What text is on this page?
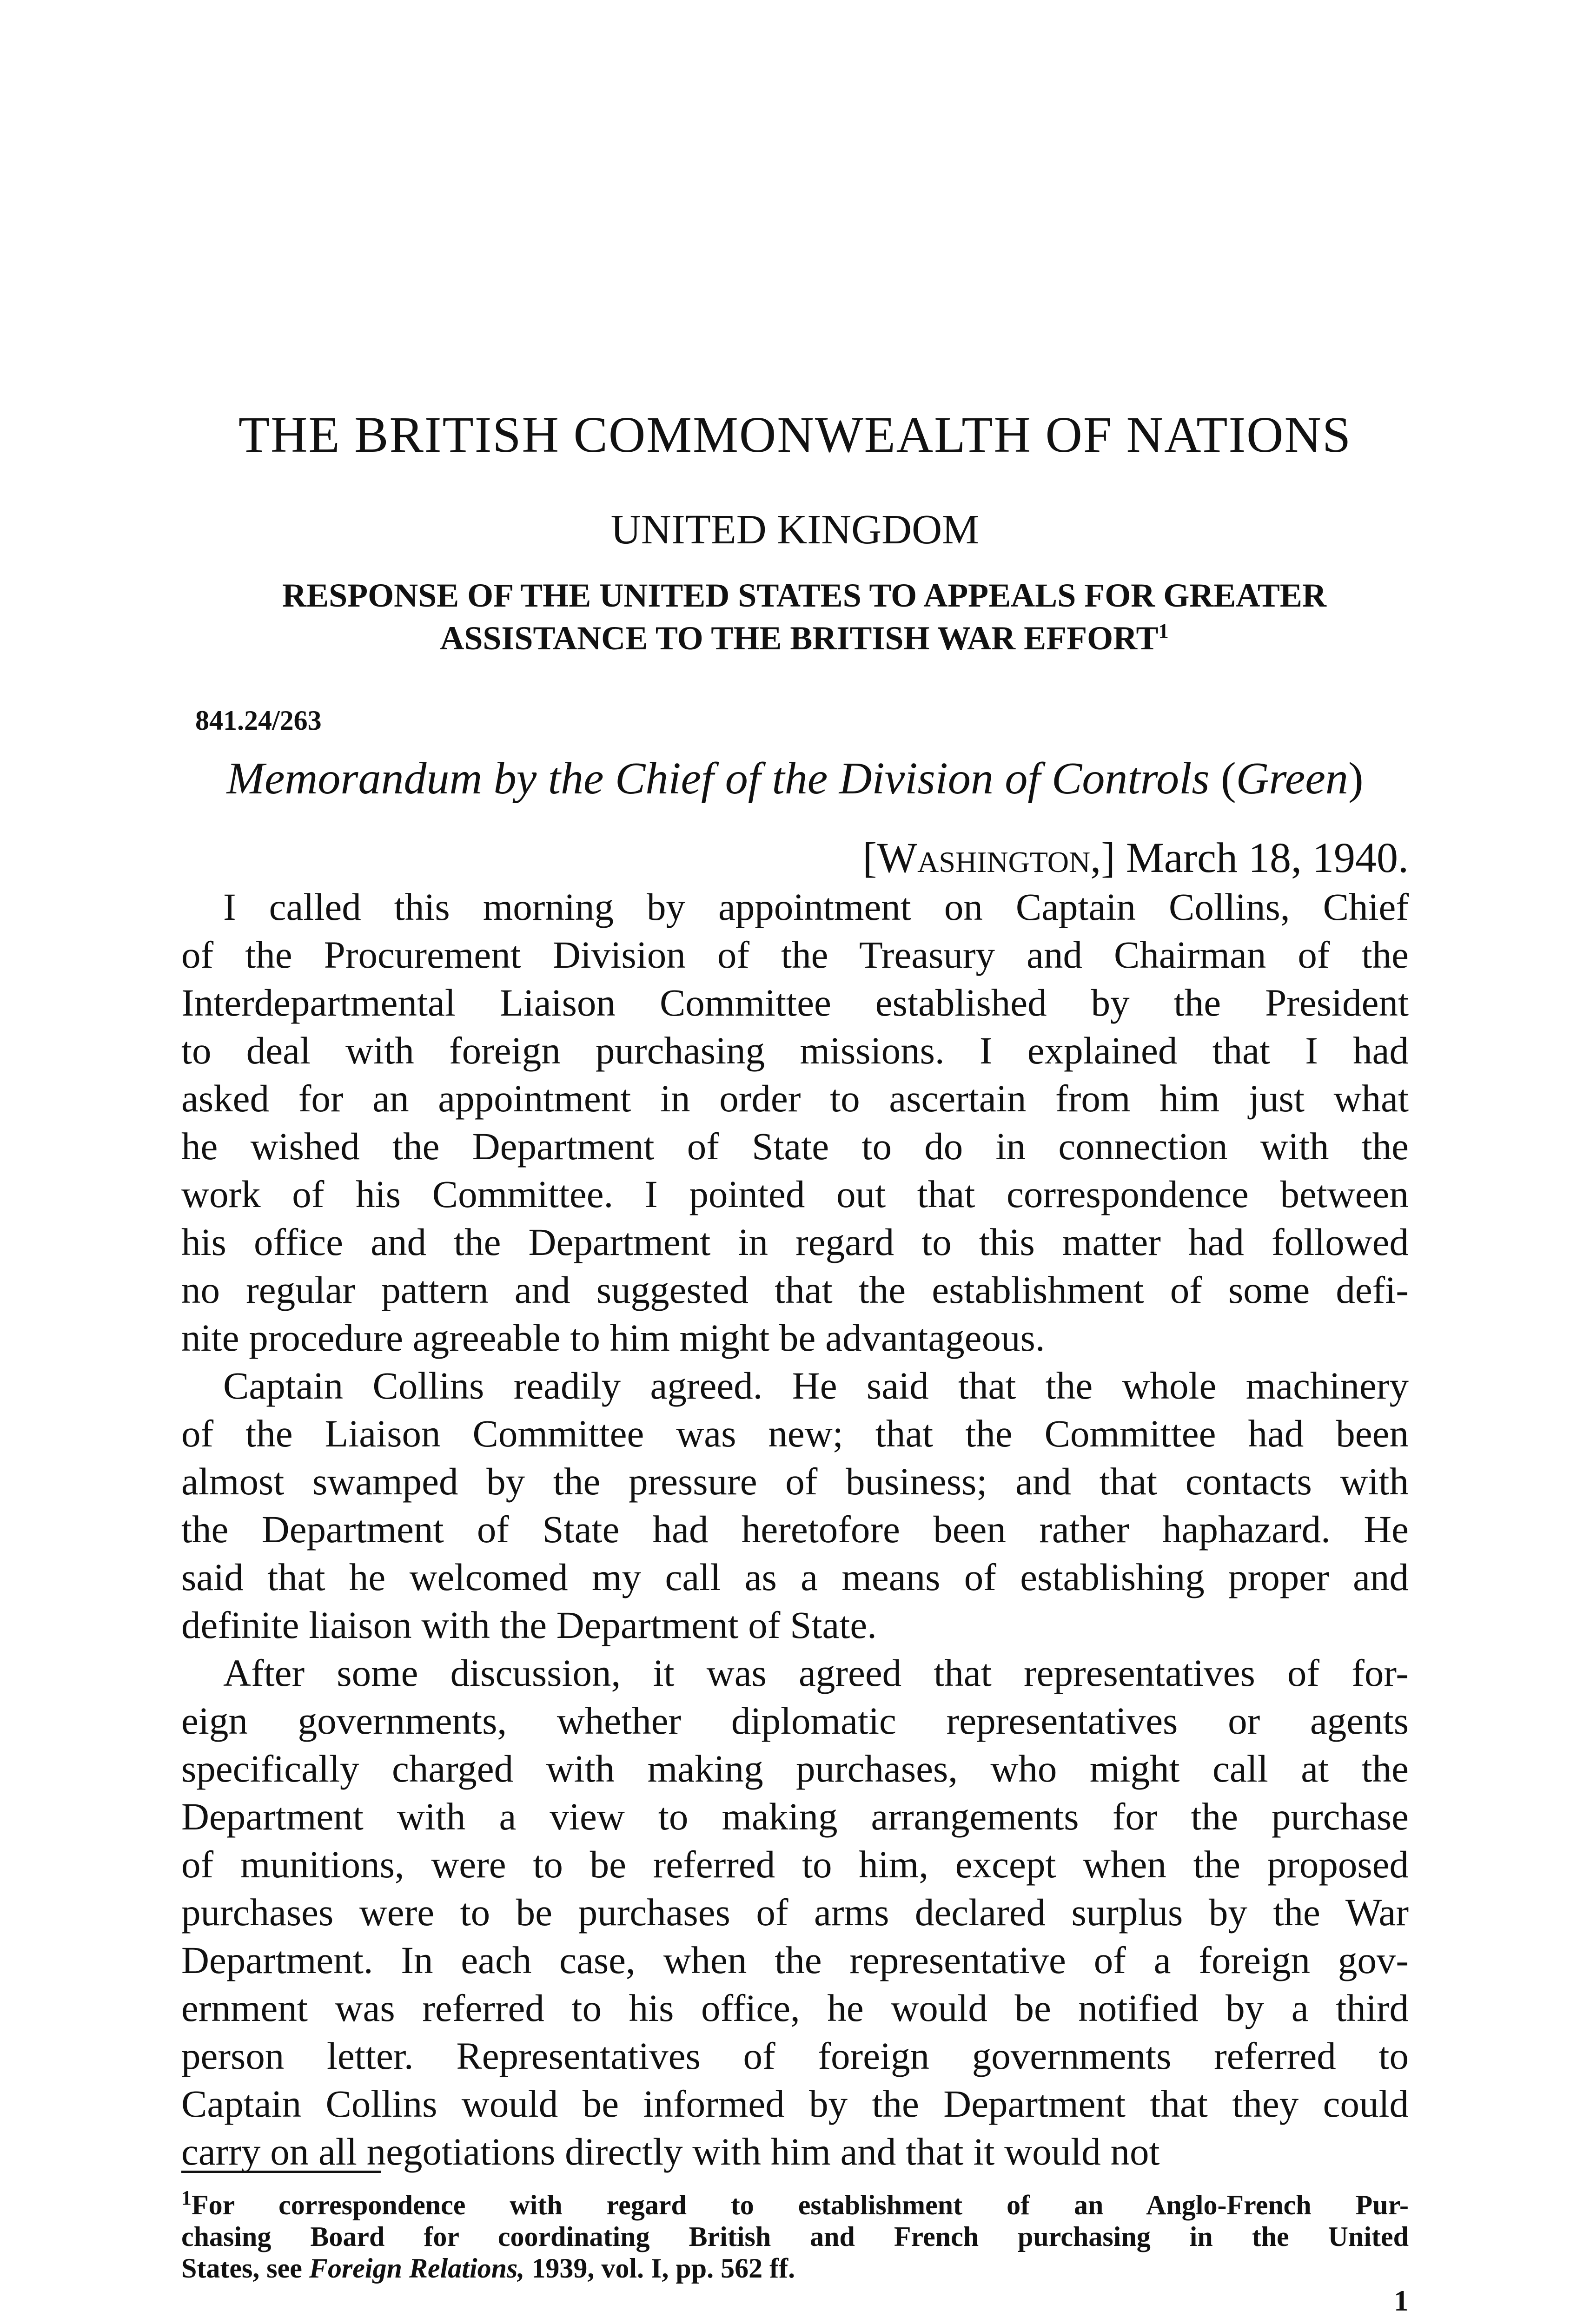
THE BRITISH COMMONWEALTH OF NATIONS
UNITED KINGDOM
RESPONSE OF THE UNITED STATES TO APPEALS FOR GREATER
ASSISTANCE TO THE BRITISH WAR EFFORT$^1$
841.24/263
Memorandum by the Chief of the Division of Controls (Green)
[Washington,] March 18, 1940.
I called this morning by appointment on Captain Collins, Chief
of the Procurement Division of the Treasury and Chairman of the
Interdepartmental Liaison Committee established by the President
to deal with foreign purchasing missions. I explained that I had
asked for an appointment in order to ascertain from him just what
he wished the Department of State to do in connection with the
work of his Committee. I pointed out that correspondence between
his office and the Department in regard to this matter had followed
no regular pattern and suggested that the establishment of some defi-
nite procedure agreeable to him might be advantageous.
Captain Collins readily agreed. He said that the whole machinery
of the Liaison Committee was new; that the Committee had been
almost swamped by the pressure of business; and that contacts with
the Department of State had heretofore been rather haphazard. He
said that he welcomed my call as a means of establishing proper and
definite liaison with the Department of State.
After some discussion, it was agreed that representatives of for-
eign governments, whether diplomatic representatives or agents
specifically charged with making purchases, who might call at the
Department with a view to making arrangements for the purchase
of munitions, were to be referred to him, except when the proposed
purchases were to be purchases of arms declared surplus by the War
Department. In each case, when the representative of a foreign gov-
ernment was referred to his office, he would be notified by a third
person letter. Representatives of foreign governments referred to
Captain Collins would be informed by the Department that they could
carry on all negotiations directly with him and that it would not
$^1$For correspondence with regard to establishment of an Anglo-French Pur-
chasing Board for coordinating British and French purchasing in the United
States, see Foreign Relations, 1939, vol. I, pp. 562 ff.
1
